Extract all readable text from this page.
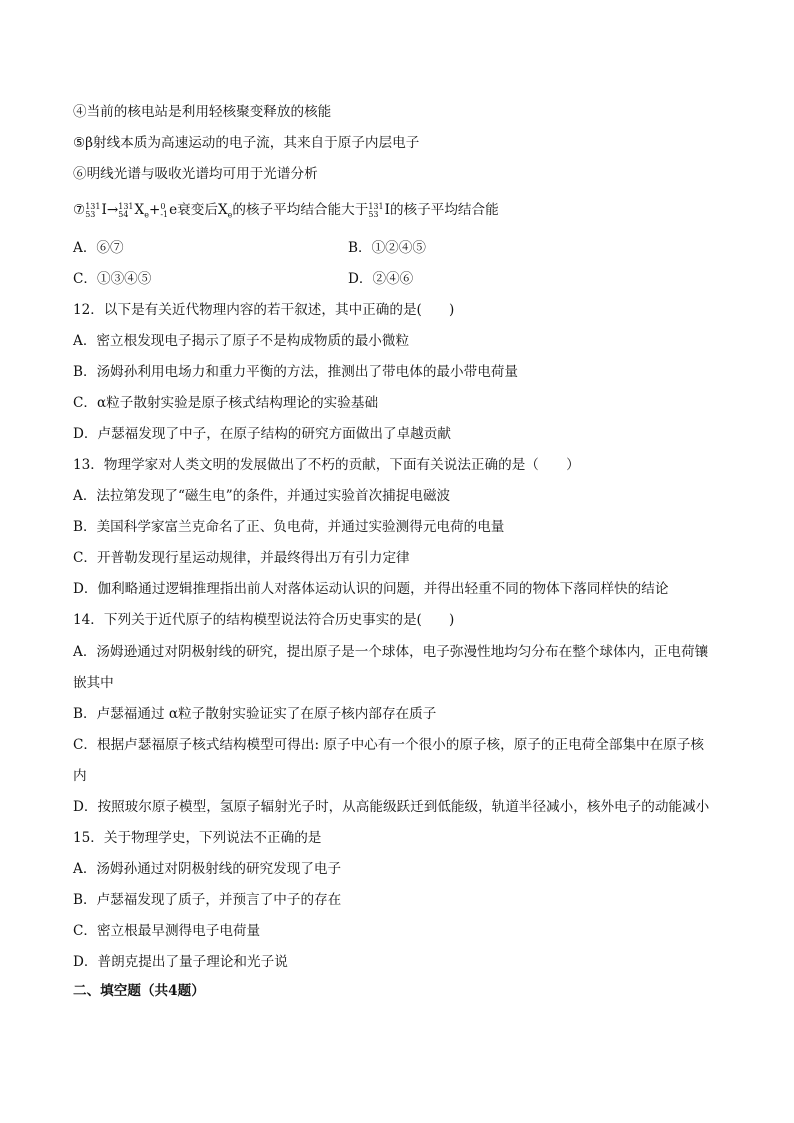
④当前的核电站是利用轻核聚变释放的核能
⑤β射线本质为高速运动的电子流，其来自于原子内层电子
⑥明线光谱与吸收光谱均可用于光谱分析
⑦ 131
53 I→ 131
54 $X_e+ 0$
-1 e衰变后$X_e$的核子平均结合能大于 131
53 I的核子平均结合能
A．⑥⑦	B．①②④⑤
C．①③④⑤	D．②④⑥
12．以下是有关近代物理内容的若干叙述，其中正确的是(　　)
A．密立根发现电子揭示了原子不是构成物质的最小微粒
B．汤姆孙利用电场力和重力平衡的方法，推测出了带电体的最小带电荷量
C．α粒子散射实验是原子核式结构理论的实验基础
D．卢瑟福发现了中子，在原子结构的研究方面做出了卓越贡献
13．物理学家对人类文明的发展做出了不朽的贡献，下面有关说法正确的是（　　）
A．法拉第发现了“磁生电”的条件，并通过实验首次捕捉电磁波
B．美国科学家富兰克命名了正、负电荷，并通过实验测得元电荷的电量
C．开普勒发现行星运动规律，并最终得出万有引力定律
D．伽利略通过逻辑推理指出前人对落体运动认识的问题，并得出轻重不同的物体下落同样快的结论
14．下列关于近代原子的结构模型说法符合历史事实的是(　　)
A．汤姆逊通过对阴极射线的研究，提出原子是一个球体，电子弥漫性地均匀分布在整个球体内，正电荷镶
嵌其中
B．卢瑟福通过 α粒子散射实验证实了在原子核内部存在质子
C．根据卢瑟福原子核式结构模型可得出: 原子中心有一个很小的原子核，原子的正电荷全部集中在原子核
内
D．按照玻尔原子模型，氢原子辐射光子时，从高能级跃迁到低能级，轨道半径减小，核外电子的动能减小
15．关于物理学史，下列说法不正确的是
A．汤姆孙通过对阴极射线的研究发现了电子
B．卢瑟福发现了质子，并预言了中子的存在
C．密立根最早测得电子电荷量
D．普朗克提出了量子理论和光子说
二、填空题（共4题）
